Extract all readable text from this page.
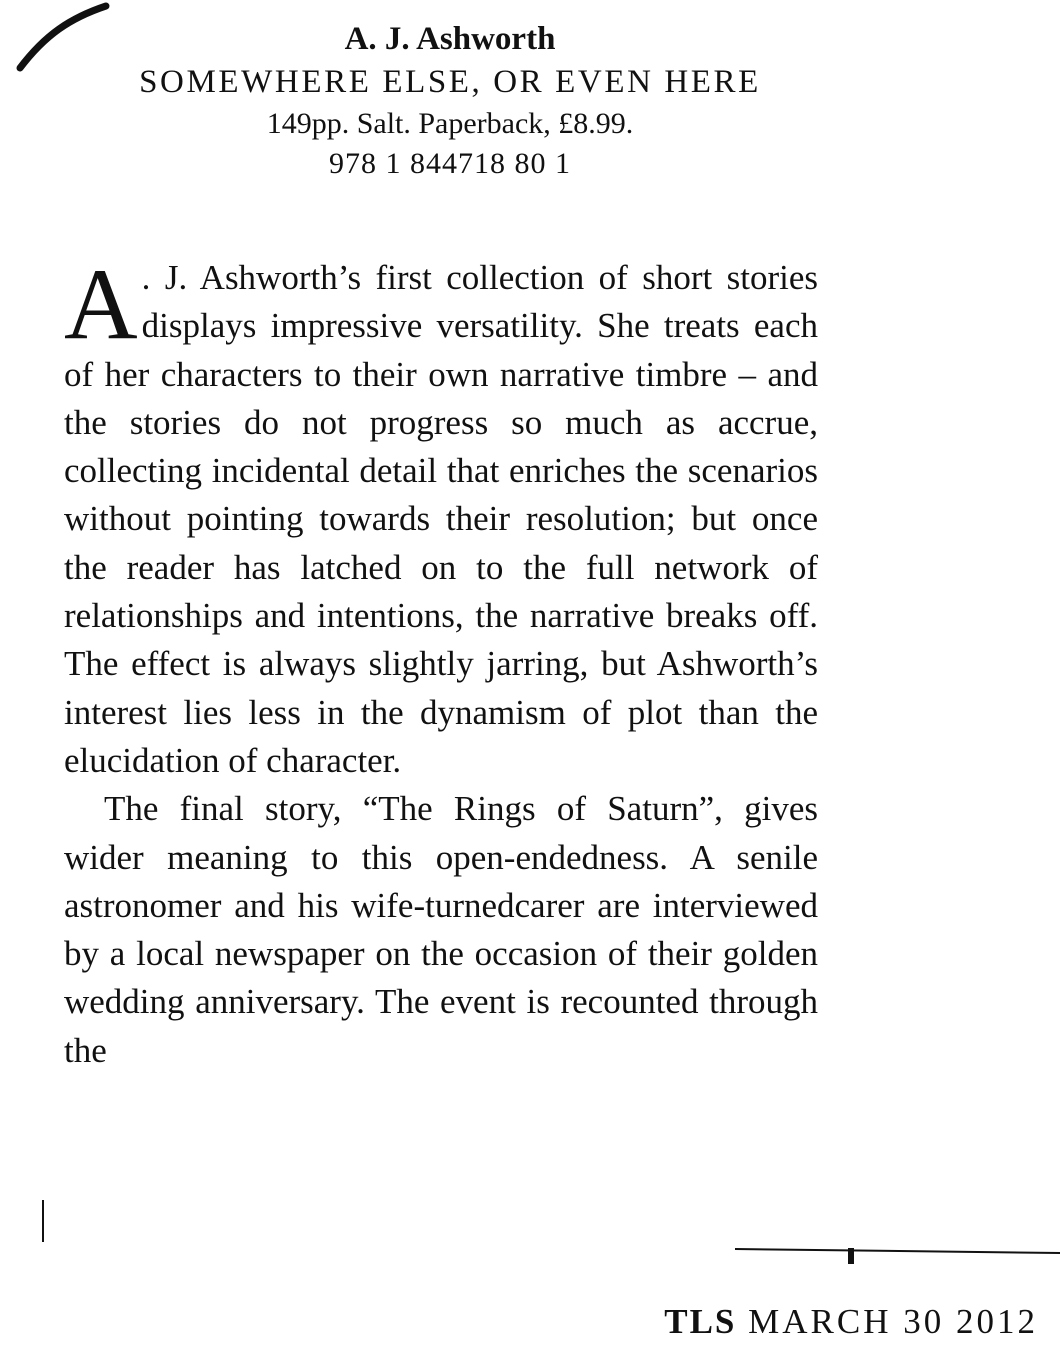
A. J. Ashworth
SOMEWHERE ELSE, OR EVEN HERE
149pp. Salt. Paperback, £8.99.
978 1 844718 80 1

A . J. Ashworth’s first collection of short stories displays impressive versatility. She treats each of her characters to their own narrative timbre – and the stories do not progress so much as accrue, collecting incidental detail that enriches the scenarios without pointing towards their resolution; but once the reader has latched on to the full network of relationships and intentions, the narrative breaks off. The effect is always slightly jarring, but Ashworth’s interest lies less in the dynamism of plot than the elucidation of character.

The final story, “The Rings of Saturn”, gives wider meaning to this open-endedness. A senile astronomer and his wife-turnedcarer are interviewed by a local newspaper on the occasion of their golden wedding anniversary. The event is recounted through the

TLS MARCH 30 2012
